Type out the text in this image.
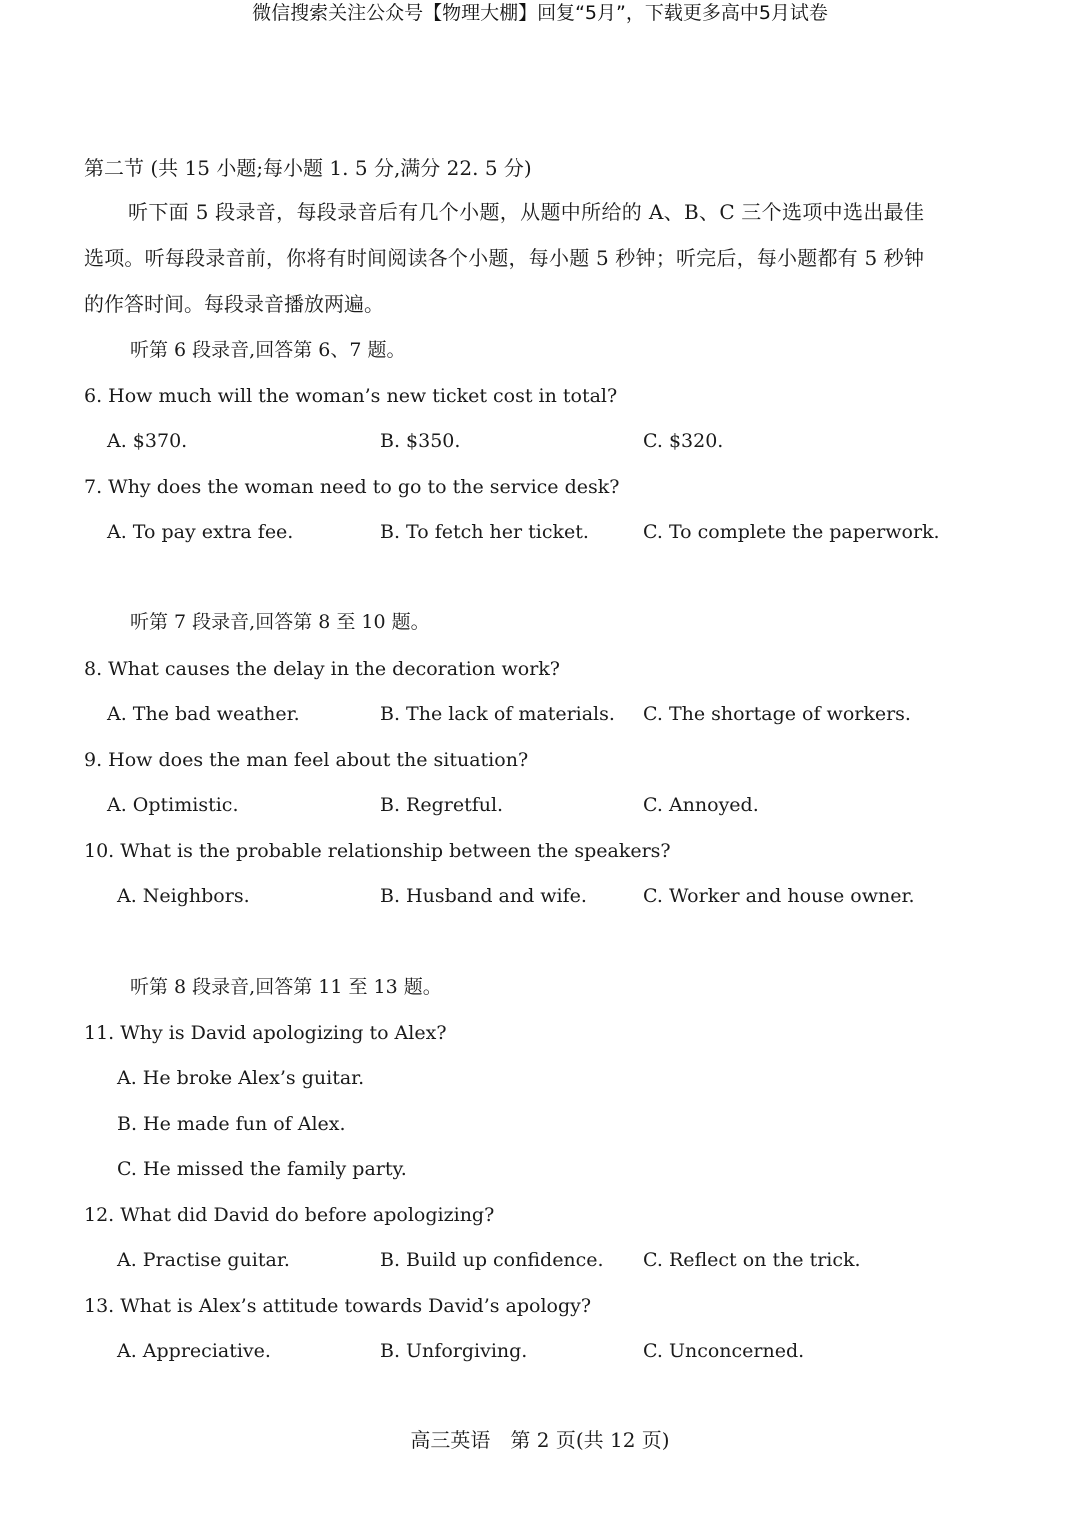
微信搜索关注公众号【物理大棚】回复“5月”，下载更多高中5月试卷
第二节 (共 15 小题;每小题 1. 5 分,满分 22. 5 分)
听下面 5 段录音，每段录音后有几个小题，从题中所给的 A、B、C 三个选项中选出最佳选项。听每段录音前，你将有时间阅读各个小题，每小题 5 秒钟；听完后，每小题都有 5 秒钟的作答时间。每段录音播放两遍。
听第 6 段录音,回答第 6、7 题。
6. How much will the woman’s new ticket cost in total?
A. $370.	B. $350.	C. $320.
7. Why does the woman need to go to the service desk?
A. To pay extra fee.	B. To fetch her ticket.	C. To complete the paperwork.
听第 7 段录音,回答第 8 至 10 题。
8. What causes the delay in the decoration work?
A. The bad weather.	B. The lack of materials. C. The shortage of workers.
9. How does the man feel about the situation?
A. Optimistic.	B. Regretful.	C. Annoyed.
10. What is the probable relationship between the speakers?
A. Neighbors.	B. Husband and wife.	C. Worker and house owner.
听第 8 段录音,回答第 11 至 13 题。
11. Why is David apologizing to Alex?
A. He broke Alex’s guitar.
B. He made fun of Alex.
C. He missed the family party.
12. What did David do before apologizing?
A. Practise guitar.	B. Build up confidence. C. Reflect on the trick.
13. What is Alex’s attitude towards David’s apology?
A. Appreciative.	B. Unforgiving.	C. Unconcerned.
高三英语　第 2 页(共 12 页)
